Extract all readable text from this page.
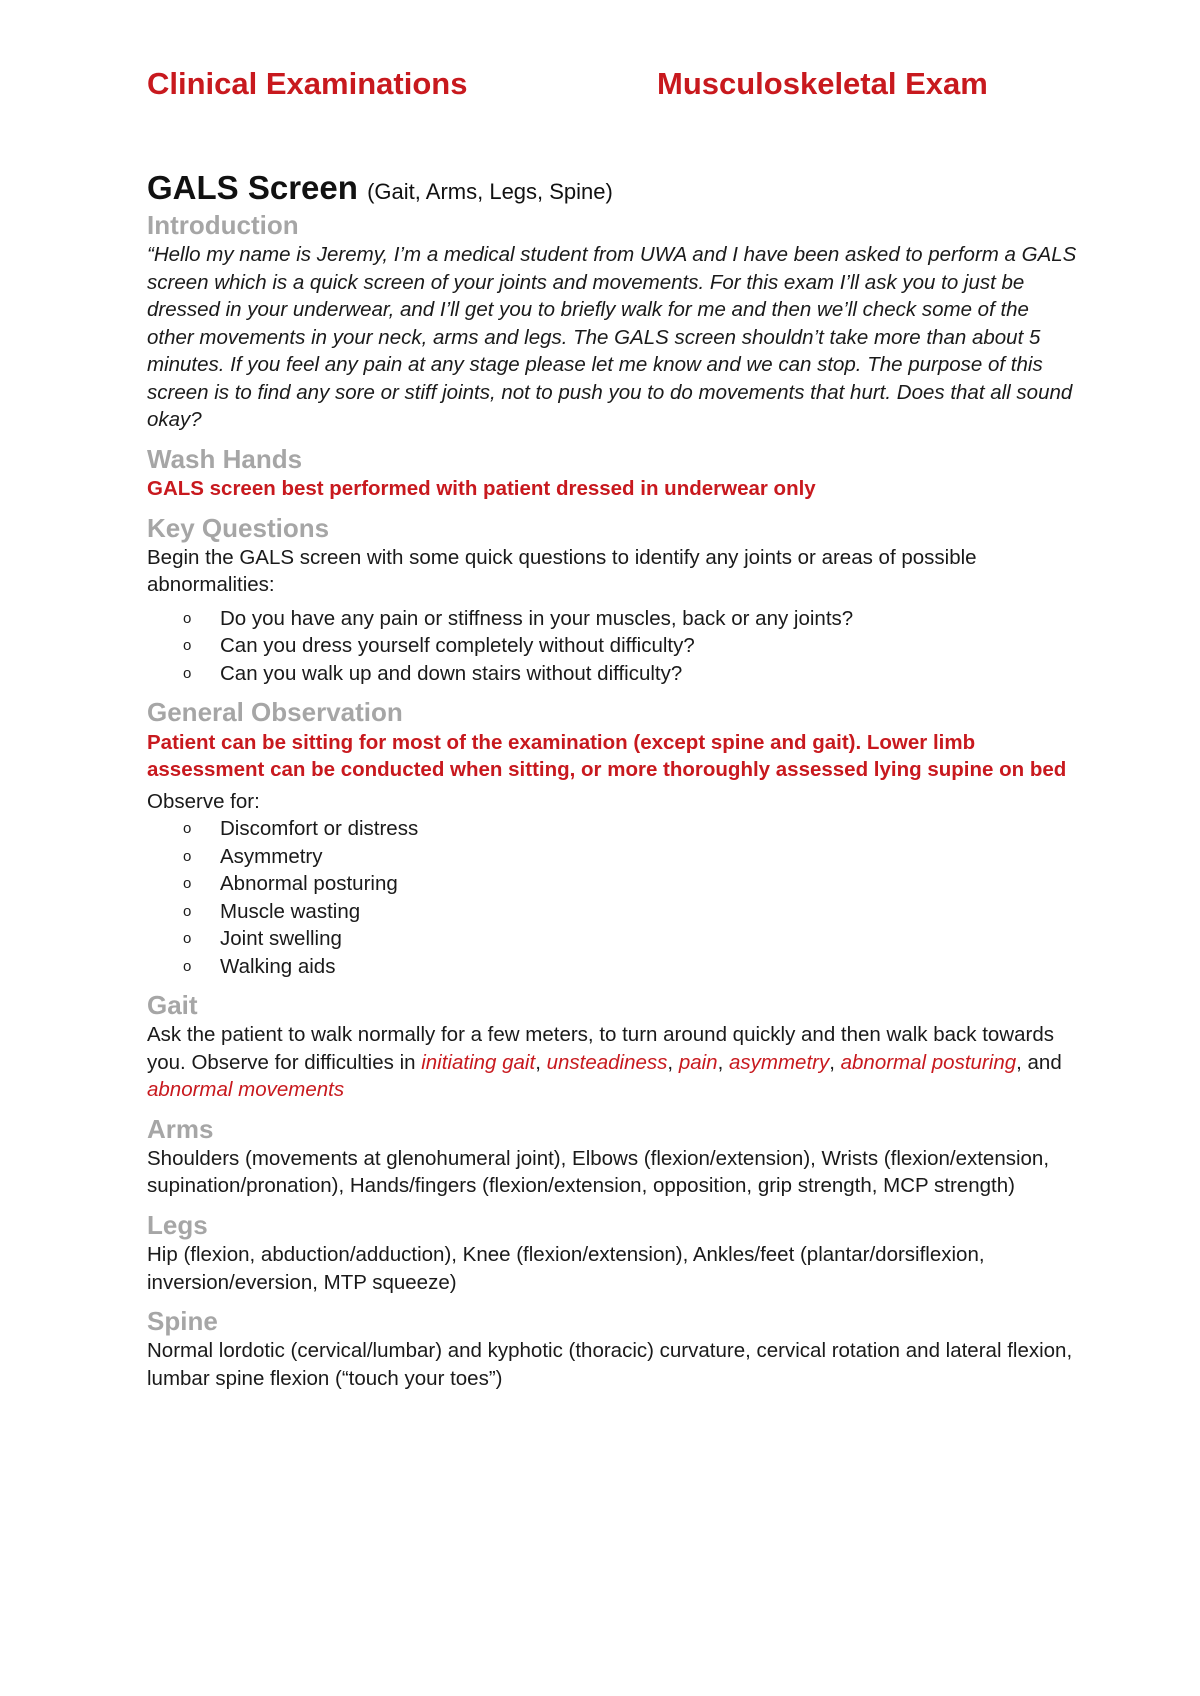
Clinical Examinations	Musculoskeletal Exam
GALS Screen (Gait, Arms, Legs, Spine)
Introduction

“Hello my name is Jeremy, I’m a medical student from UWA and I have been asked to perform a GALS screen which is a quick screen of your joints and movements. For this exam I’ll ask you to just be dressed in your underwear, and I’ll get you to briefly walk for me and then we’ll check some of the other movements in your neck, arms and legs. The GALS screen shouldn’t take more than about 5 minutes. If you feel any pain at any stage please let me know and we can stop. The purpose of this screen is to find any sore or stiff joints, not to push you to do movements that hurt. Does that all sound okay?

Wash Hands

GALS screen best performed with patient dressed in underwear only

Key Questions

Begin the GALS screen with some quick questions to identify any joints or areas of possible abnormalities:

o Do you have any pain or stiffness in your muscles, back or any joints?
o Can you dress yourself completely without difficulty?
o Can you walk up and down stairs without difficulty?
General Observation

Patient can be sitting for most of the examination (except spine and gait). Lower limb assessment can be conducted when sitting, or more thoroughly assessed lying supine on bed

Observe for:

o Discomfort or distress
o Asymmetry
o Abnormal posturing
o Muscle wasting
o Joint swelling
o Walking aids
Gait

Ask the patient to walk normally for a few meters, to turn around quickly and then walk back towards you. Observe for difficulties in initiating gait, unsteadiness, pain, asymmetry, abnormal posturing, and abnormal movements

Arms

Shoulders (movements at glenohumeral joint), Elbows (flexion/extension), Wrists (flexion/extension, supination/pronation), Hands/fingers (flexion/extension, opposition, grip strength, MCP strength)

Legs

Hip (flexion, abduction/adduction), Knee (flexion/extension), Ankles/feet (plantar/dorsiflexion, inversion/eversion, MTP squeeze)

Spine

Normal lordotic (cervical/lumbar) and kyphotic (thoracic) curvature, cervical rotation and lateral flexion, lumbar spine flexion (“touch your toes”)
